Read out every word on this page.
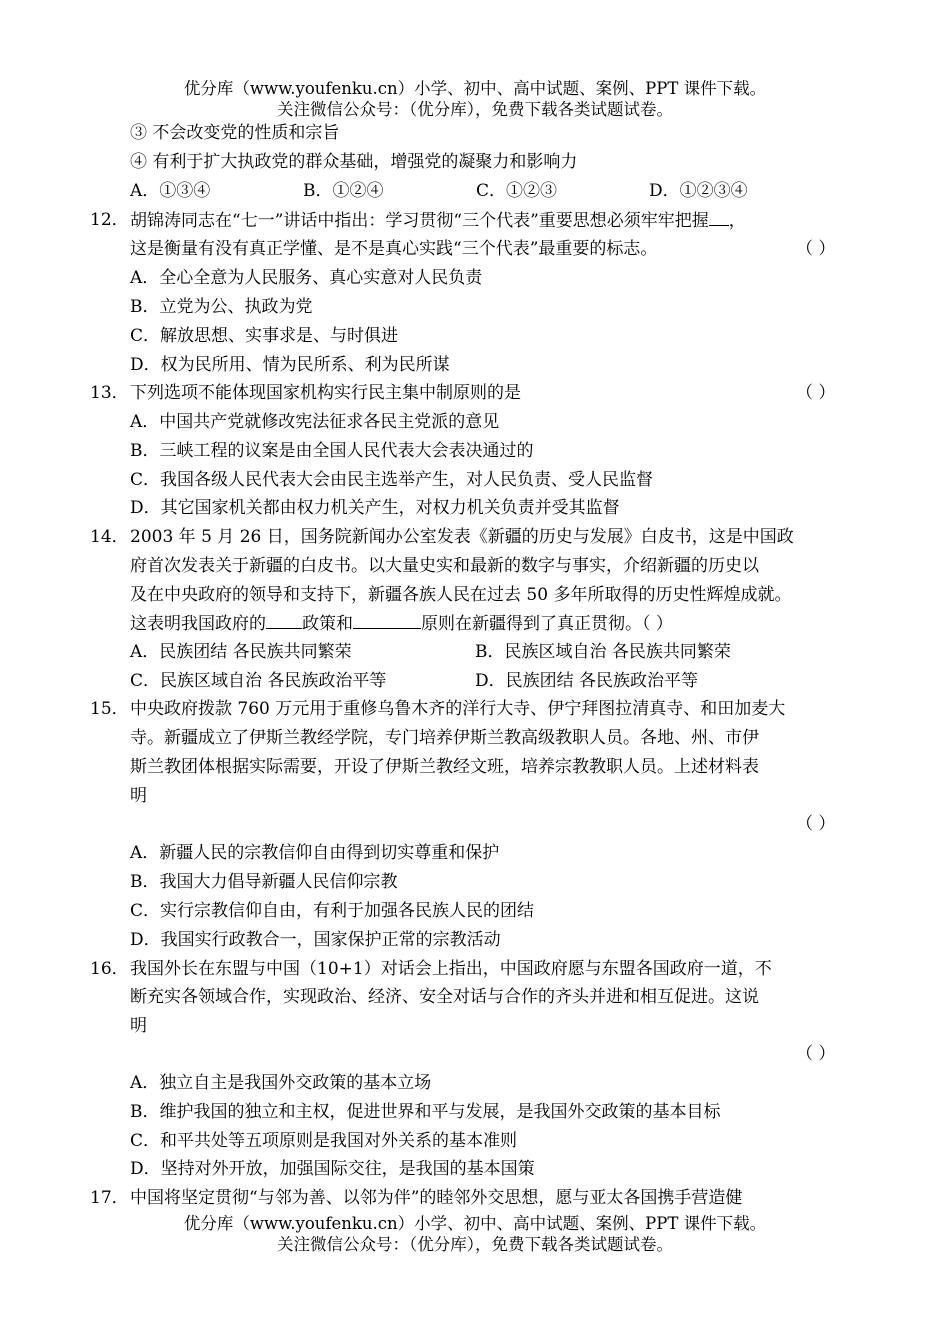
优分库（www.youfenku.cn）小学、初中、高中试题、案例、PPT 课件下载。
关注微信公众号：（优分库），免费下载各类试题试卷。
③ 不会改变党的性质和宗旨
④ 有利于扩大执政党的群众基础，增强党的凝聚力和影响力
A．①③④	B．①②④	C．①②③	D．①②③④
12． 胡锦涛同志在“七一”讲话中指出：学习贯彻“三个代表”重要思想必须牢牢把握 ，
这是衡量有没有真正学懂、是不是真心实践“三个代表”最重要的标志。	（ ）
A．全心全意为人民服务、真心实意对人民负责
B．立党为公、执政为党
C．解放思想、实事求是、与时俱进
D．权为民所用、情为民所系、利为民所谋
13． 下列选项不能体现国家机构实行民主集中制原则的是	（ ）
A．中国共产党就修改宪法征求各民主党派的意见
B．三峡工程的议案是由全国人民代表大会表决通过的
C．我国各级人民代表大会由民主选举产生，对人民负责、受人民监督
D．其它国家机关都由权力机关产生，对权力机关负责并受其监督
14． 2003 年 5 月 26 日，国务院新闻办公室发表《新疆的历史与发展》白皮书，这是中国政
府首次发表关于新疆的白皮书。以大量史实和最新的数字与事实，介绍新疆的历史以
及在中央政府的领导和支持下，新疆各族人民在过去 50 多年所取得的历史性辉煌成就。
这表明我国政府的 政策和	原则在新疆得到了真正贯彻。（ ）
A．民族团结 各民族共同繁荣	B．民族区域自治 各民族共同繁荣
C．民族区域自治 各民族政治平等	D．民族团结 各民族政治平等
15． 中央政府拨款 760 万元用于重修乌鲁木齐的洋行大寺、伊宁拜图拉清真寺、和田加麦大
寺。新疆成立了伊斯兰教经学院，专门培养伊斯兰教高级教职人员。各地、州、市伊
斯兰教团体根据实际需要，开设了伊斯兰教经文班，培养宗教教职人员。上述材料表
明
（ ）
A．新疆人民的宗教信仰自由得到切实尊重和保护
B．我国大力倡导新疆人民信仰宗教
C．实行宗教信仰自由，有利于加强各民族人民的团结
D．我国实行政教合一，国家保护正常的宗教活动
16． 我国外长在东盟与中国（10+1）对话会上指出，中国政府愿与东盟各国政府一道，不
断充实各领域合作，实现政治、经济、安全对话与合作的齐头并进和相互促进。这说
明
（ ）
A．独立自主是我国外交政策的基本立场
B．维护我国的独立和主权，促进世界和平与发展，是我国外交政策的基本目标
C．和平共处等五项原则是我国对外关系的基本准则
D．坚持对外开放，加强国际交往，是我国的基本国策
17． 中国将坚定贯彻“与邻为善、以邻为伴”的睦邻外交思想，愿与亚太各国携手营造健
优分库（www.youfenku.cn）小学、初中、高中试题、案例、PPT 课件下载。
关注微信公众号：（优分库），免费下载各类试题试卷。
